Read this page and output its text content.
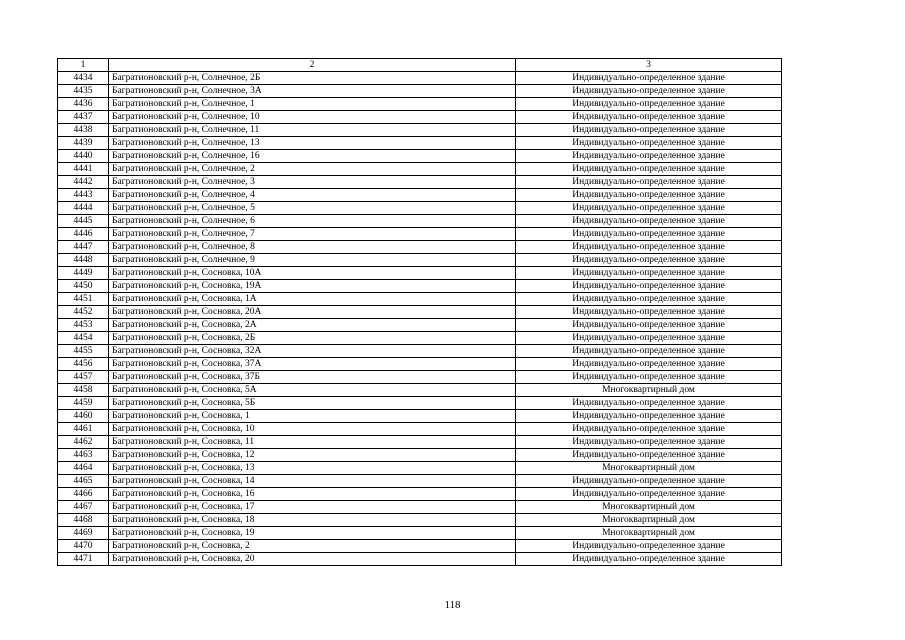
1	2	3
4434	Багратионовский р-н, Солнечное, 2Б	Индивидуально-определенное здание
4435	Багратионовский р-н, Солнечное, 3А	Индивидуально-определенное здание
4436	Багратионовский р-н, Солнечное, 1	Индивидуально-определенное здание
4437	Багратионовский р-н, Солнечное, 10	Индивидуально-определенное здание
4438	Багратионовский р-н, Солнечное, 11	Индивидуально-определенное здание
4439	Багратионовский р-н, Солнечное, 13	Индивидуально-определенное здание
4440	Багратионовский р-н, Солнечное, 16	Индивидуально-определенное здание
4441	Багратионовский р-н, Солнечное, 2	Индивидуально-определенное здание
4442	Багратионовский р-н, Солнечное, 3	Индивидуально-определенное здание
4443	Багратионовский р-н, Солнечное, 4	Индивидуально-определенное здание
4444	Багратионовский р-н, Солнечное, 5	Индивидуально-определенное здание
4445	Багратионовский р-н, Солнечное, 6	Индивидуально-определенное здание
4446	Багратионовский р-н, Солнечное, 7	Индивидуально-определенное здание
4447	Багратионовский р-н, Солнечное, 8	Индивидуально-определенное здание
4448	Багратионовский р-н, Солнечное, 9	Индивидуально-определенное здание
4449	Багратионовский р-н, Сосновка, 10А	Индивидуально-определенное здание
4450	Багратионовский р-н, Сосновка, 19А	Индивидуально-определенное здание
4451	Багратионовский р-н, Сосновка, 1А	Индивидуально-определенное здание
4452	Багратионовский р-н, Сосновка, 20А	Индивидуально-определенное здание
4453	Багратионовский р-н, Сосновка, 2А	Индивидуально-определенное здание
4454	Багратионовский р-н, Сосновка, 2Б	Индивидуально-определенное здание
4455	Багратионовский р-н, Сосновка, 32А	Индивидуально-определенное здание
4456	Багратионовский р-н, Сосновка, 37А	Индивидуально-определенное здание
4457	Багратионовский р-н, Сосновка, 37Б	Индивидуально-определенное здание
4458	Багратионовский р-н, Сосновка, 5А	Многоквартирный дом
4459	Багратионовский р-н, Сосновка, 5Б	Индивидуально-определенное здание
4460	Багратионовский р-н, Сосновка, 1	Индивидуально-определенное здание
4461	Багратионовский р-н, Сосновка, 10	Индивидуально-определенное здание
4462	Багратионовский р-н, Сосновка, 11	Индивидуально-определенное здание
4463	Багратионовский р-н, Сосновка, 12	Индивидуально-определенное здание
4464	Багратионовский р-н, Сосновка, 13	Многоквартирный дом
4465	Багратионовский р-н, Сосновка, 14	Индивидуально-определенное здание
4466	Багратионовский р-н, Сосновка, 16	Индивидуально-определенное здание
4467	Багратионовский р-н, Сосновка, 17	Многоквартирный дом
4468	Багратионовский р-н, Сосновка, 18	Многоквартирный дом
4469	Багратионовский р-н, Сосновка, 19	Многоквартирный дом
4470	Багратионовский р-н, Сосновка, 2	Индивидуально-определенное здание
4471	Багратионовский р-н, Сосновка, 20	Индивидуально-определенное здание
118
